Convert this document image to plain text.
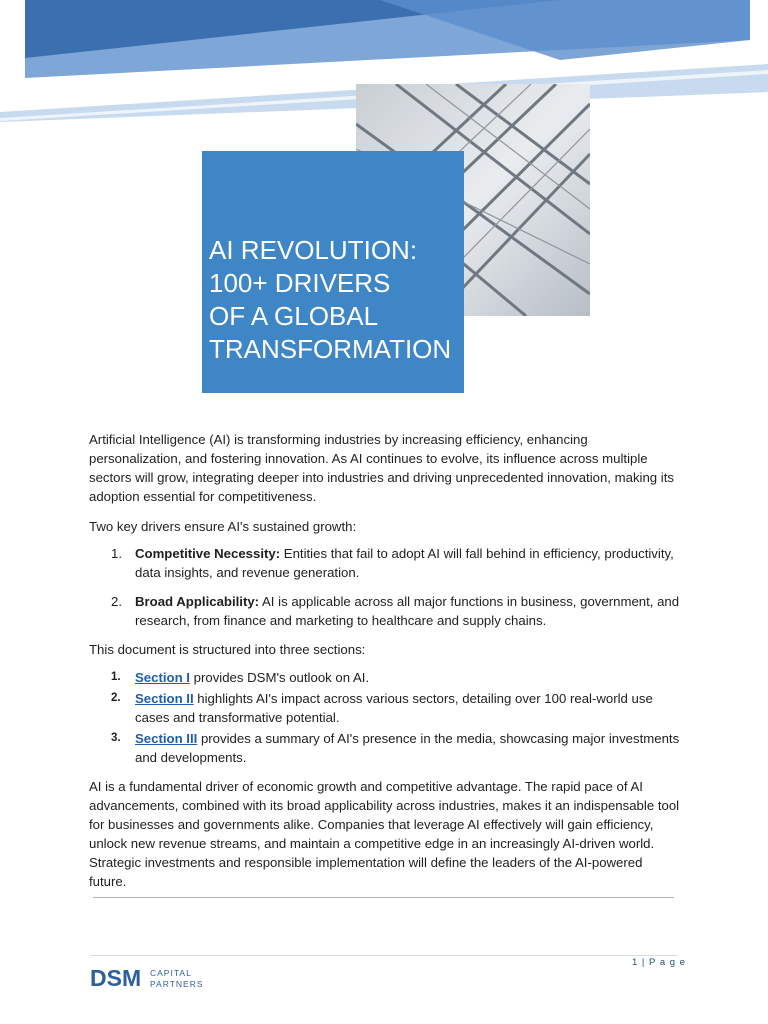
AI REVOLUTION:
100+ DRIVERS
OF A GLOBAL
TRANSFORMATION

Artificial Intelligence (AI) is transforming industries by increasing efficiency, enhancing personalization, and fostering innovation. As AI continues to evolve, its influence across multiple sectors will grow, integrating deeper into industries and driving unprecedented innovation, making its adoption essential for competitiveness.

Two key drivers ensure AI's sustained growth:

1. Competitive Necessity: Entities that fail to adopt AI will fall behind in efficiency, productivity, data insights, and revenue generation.
2. Broad Applicability: AI is applicable across all major functions in business, government, and research, from finance and marketing to healthcare and supply chains.

This document is structured into three sections:

1. Section I provides DSM's outlook on AI.
2. Section II highlights AI's impact across various sectors, detailing over 100 real-world use cases and transformative potential.
3. Section III provides a summary of AI's presence in the media, showcasing major investments and developments.

AI is a fundamental driver of economic growth and competitive advantage. The rapid pace of AI advancements, combined with its broad applicability across industries, makes it an indispensable tool for businesses and governments alike. Companies that leverage AI effectively will gain efficiency, unlock new revenue streams, and maintain a competitive edge in an increasingly AI-driven world. Strategic investments and responsible implementation will define the leaders of the AI-powered future.

1 | P a g e
DSM CAPITAL
PARTNERS
